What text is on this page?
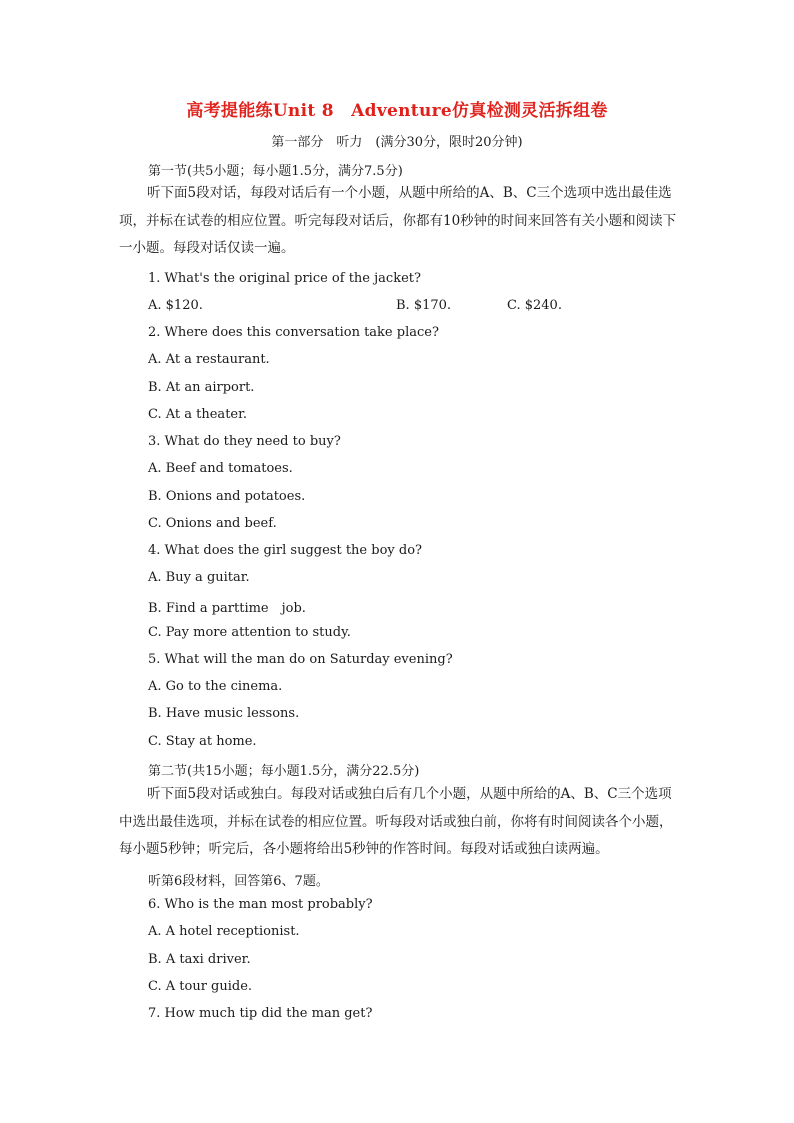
高考提能练Unit 8　Adventure仿真检测灵活拆组卷
第一部分　听力　(满分30分，限时20分钟)
第一节(共5小题；每小题1.5分，满分7.5分)
听下面5段对话，每段对话后有一个小题，从题中所给的A、B、C三个选项中选出最佳选项，并标在试卷的相应位置。听完每段对话后，你都有10秒钟的时间来回答有关小题和阅读下一小题。每段对话仅读一遍。
1. What's the original price of the jacket?
A. $120.	B. $170.	C. $240.
2. Where does this conversation take place?
A. At a restaurant.
B. At an airport.
C. At a theater.
3. What do they need to buy?
A. Beef and tomatoes.
B. Onions and potatoes.
C. Onions and beef.
4. What does the girl suggest the boy do?
A. Buy a guitar.
B. Find a parttime　job.
C. Pay more attention to study.
5. What will the man do on Saturday evening?
A. Go to the cinema.
B. Have music lessons.
C. Stay at home.
第二节(共15小题；每小题1.5分，满分22.5分)
听下面5段对话或独白。每段对话或独白后有几个小题，从题中所给的A、B、C三个选项中选出最佳选项，并标在试卷的相应位置。听每段对话或独白前，你将有时间阅读各个小题，每小题5秒钟；听完后，各小题将给出5秒钟的作答时间。每段对话或独白读两遍。
听第6段材料，回答第6、7题。
6. Who is the man most probably?
A. A hotel receptionist.
B. A taxi driver.
C. A tour guide.
7. How much tip did the man get?
